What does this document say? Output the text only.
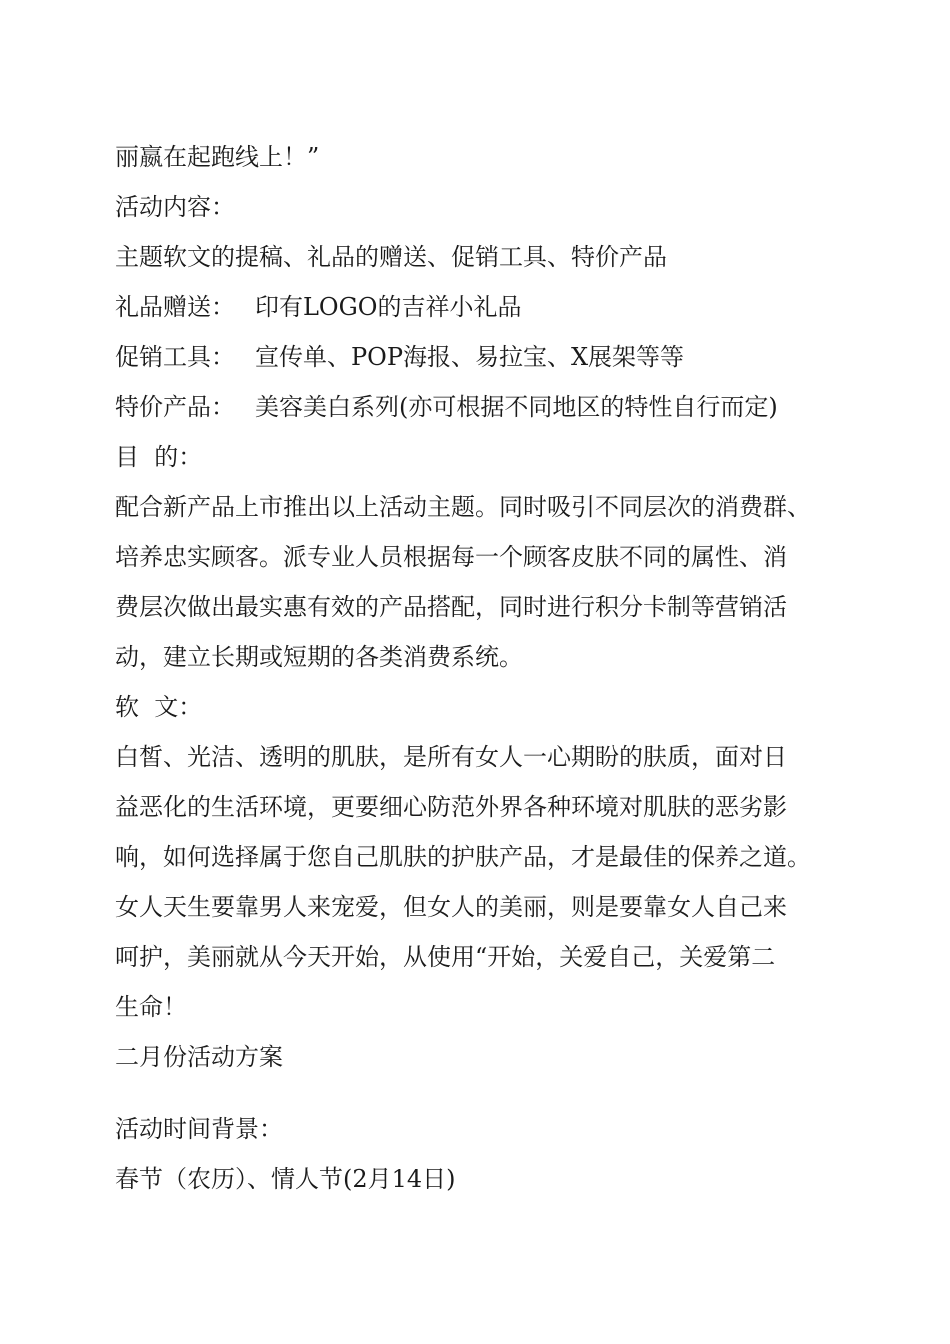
丽嬴在起跑线上！”
活动内容：
主题软文的提稿、礼品的赠送、促销工具、特价产品
礼品赠送： 印有LOGO的吉祥小礼品
促销工具： 宣传单、POP海报、易拉宝、X展架等等
特价产品： 美容美白系列(亦可根据不同地区的特性自行而定)
目  的：
配合新产品上市推出以上活动主题。同时吸引不同层次的消费群、
培养忠实顾客。派专业人员根据每一个顾客皮肤不同的属性、消
费层次做出最实惠有效的产品搭配，同时进行积分卡制等营销活
动，建立长期或短期的各类消费系统。
软  文：
白皙、光洁、透明的肌肤，是所有女人一心期盼的肤质，面对日
益恶化的生活环境，更要细心防范外界各种环境对肌肤的恶劣影
响，如何选择属于您自己肌肤的护肤产品，才是最佳的保养之道。
女人天生要靠男人来宠爱，但女人的美丽，则是要靠女人自己来
呵护，美丽就从今天开始，从使用“开始，关爱自己，关爱第二
生命！
二月份活动方案
活动时间背景：
春节（农历）、情人节(2月14日)
